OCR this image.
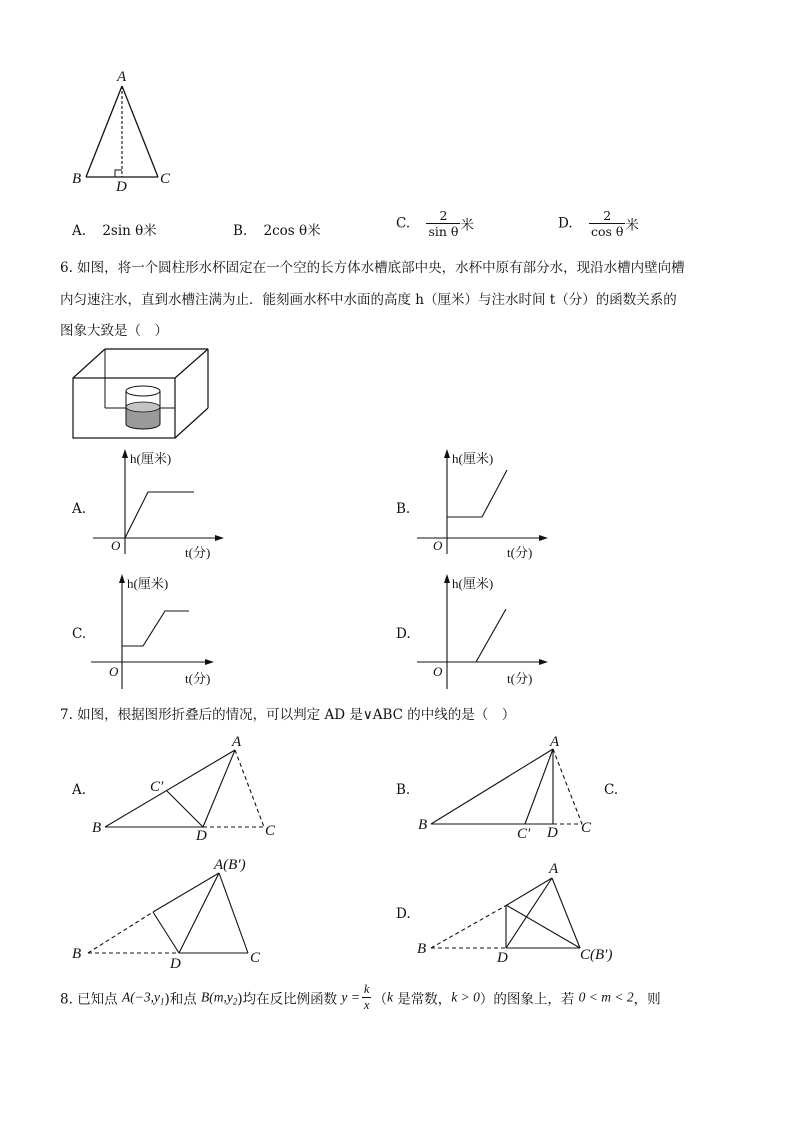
A
B	C
D
A. 2sin θ米	B. 2cos θ米	C. $\frac{2}{\text{sin θ}}$ 米	D. $\frac{2}{\text{cos θ}}$ 米
6. 如图，将一个圆柱形水杯固定在一个空的长方体水槽底部中央，水杯中原有部分水，现沿水槽内壁向槽
内匀速注水，直到水槽注满为止．能刻画水杯中水面的高度 h（厘米）与注水时间 t（分）的函数关系的
图象大致是（　）
A.	B.
C.	D.
h(厘米)
t(分)
O
h(厘米)
t(分)
O
h(厘米)
t(分)
O
h(厘米)
t(分)
O
7. 如图，根据图形折叠后的情况，可以判定 AD 是∨ABC 的中线的是（　）
A.	B.	C.
D.
A
B	C
D
C′
A
B	C
D
C′
A(B′)
B	C
D
A
B	C(B′)
D
8. 已知点 $A(-3,y_1)$和点 $B(m,y_2)$均在反比例函数 $y = \frac{k}{x} (k$ 是常数，k > 0）的图象上，若 0 < m < 2，则
